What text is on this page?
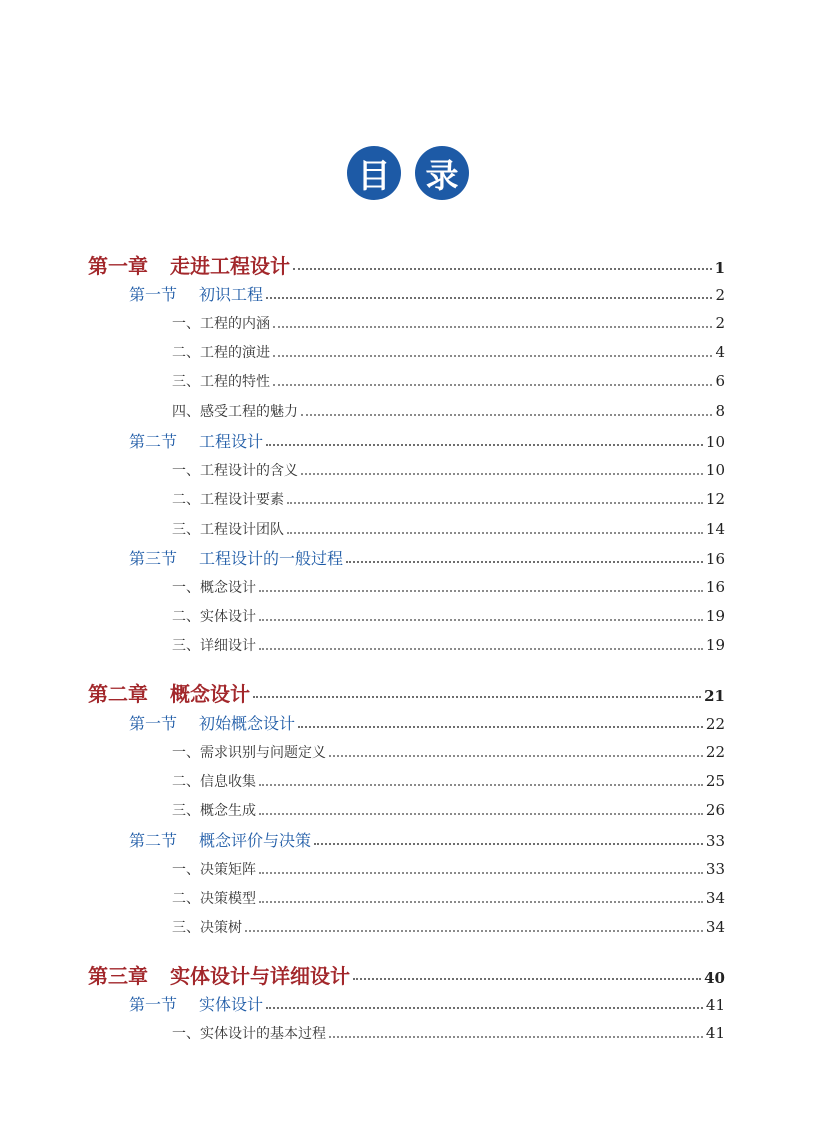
目	录
第一章 走进工程设计	1
第一节 初识工程	2
一、工程的内涵	2
二、工程的演进	4
三、工程的特性	6
四、感受工程的魅力	8
第二节 工程设计	10
一、工程设计的含义	10
二、工程设计要素	12
三、工程设计团队	14
第三节 工程设计的一般过程	16
一、概念设计	16
二、实体设计	19
三、详细设计	19
第二章 概念设计	21
第一节 初始概念设计	22
一、需求识别与问题定义	22
二、信息收集	25
三、概念生成	26
第二节 概念评价与决策	33
一、决策矩阵	33
二、决策模型	34
三、决策树	34
第三章 实体设计与详细设计	40
第一节 实体设计	41
一、实体设计的基本过程	41
